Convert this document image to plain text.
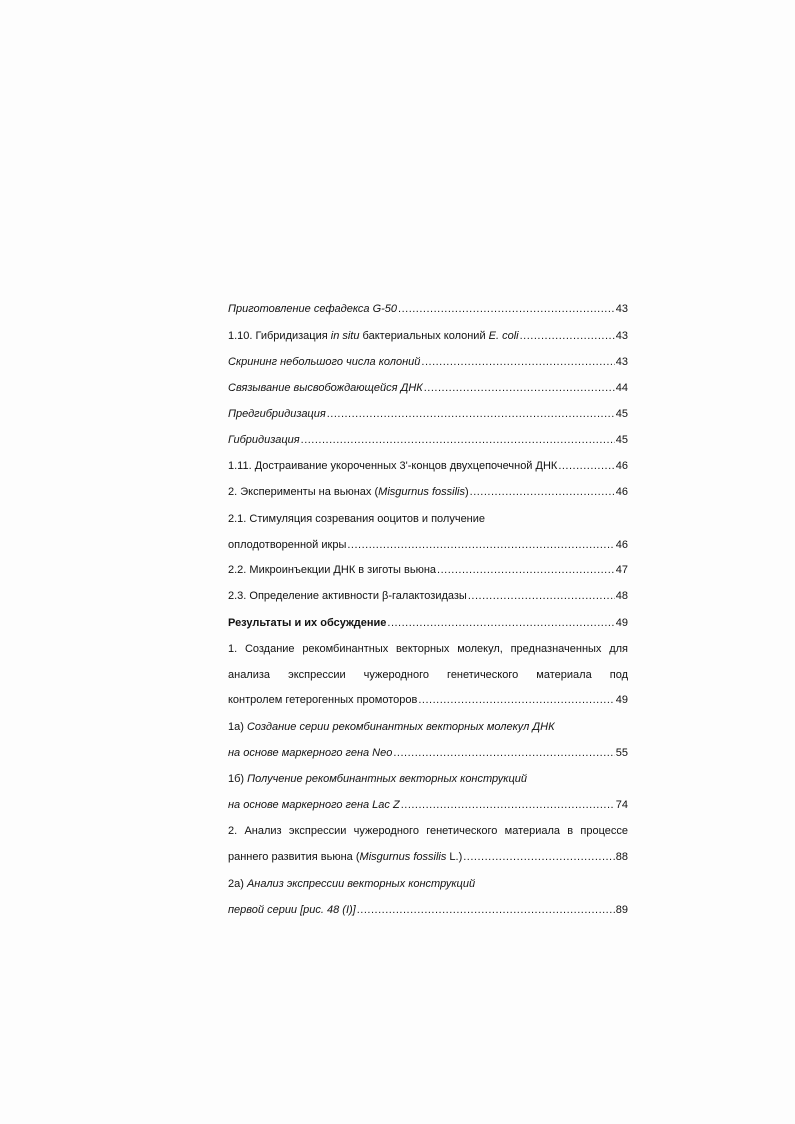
Приготовление сефадекса G-50 .....	43
1.10. Гибридизация in situ бактериальных колоний E. coli .....	43
Скрининг небольшого числа колоний .....	43
Связывание высвобождающейся ДНК .....	44
Предгибридизация .....	45
Гибридизация .....	45
1.11. Достраивание укороченных 3'-концов двухцепочечной ДНК .....	46
2. Эксперименты на вьюнах (Misgurnus fossilis) .....	46
2.1. Стимуляция созревания ооцитов и получение
оплодотворенной икры .....	46
2.2. Микроинъекции ДНК в зиготы вьюна .....	47
2.3. Определение активности β-галактозидазы .....	48
Результаты и их обсуждение .....	49
1. Создание рекомбинантных векторных молекул, предназначенных для
анализа экспрессии чужеродного генетического материала под
контролем гетерогенных промоторов .....	49
1а) Создание серии рекомбинантных векторных молекул ДНК
на основе маркерного гена Neo .....	55
1б) Получение рекомбинантных векторных конструкций
на основе маркерного гена Lac Z .....	74
2. Анализ экспрессии чужеродного генетического материала в процессе
раннего развития вьюна (Misgurnus fossilis L.) .....	88
2а) Анализ экспрессии векторных конструкций
первой серии [рис. 48 (I)] .....	89
